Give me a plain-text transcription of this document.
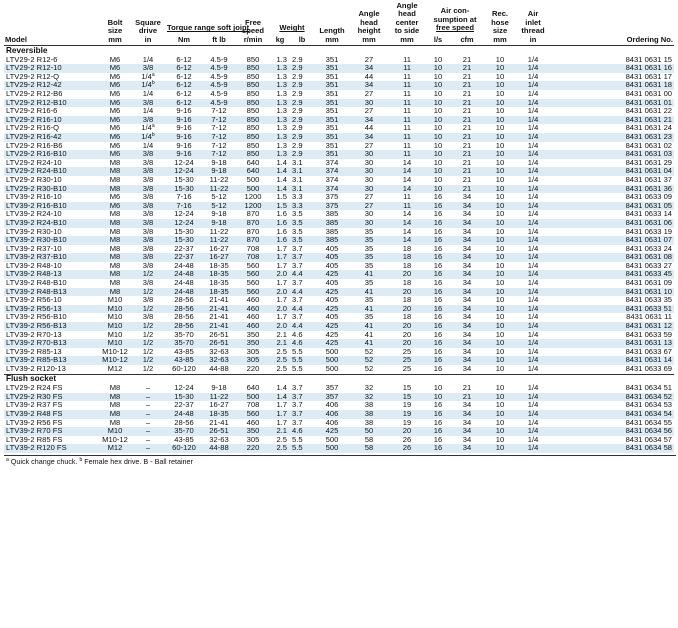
Model	Bolt
size
mm	Square
drive
in	Torque range soft joint		Free
speed
r/min	Weight		Length
mm	Angle
head
height
mm	Angle
head
center
to side
mm	Air con-
sumption at
free speed		Rec.
hose
size
mm	Air
inlet
thread
in	Ordering No.
			Nm	ft lb		kg	lb				l/s	cfm			
Reversible															
LTV29-2 R12-6	M6	1/4	6-12	4.5-9	850	1.3	2.9	351	27	11	10	21	10	1/4	8431 0631 15
LTV29-2 R12-10	M6	3/8	6-12	4.5-9	850	1.3	2.9	351	34	11	10	21	10	1/4	8431 0631 16
LTV29-2 R12-Q	M6	1/4$^a$	6-12	4.5-9	850	1.3	2.9	351	44	11	10	21	10	1/4	8431 0631 17
LTV29-2 R12-42	M6	1/4$^b$	6-12	4.5-9	850	1.3	2.9	351	34	11	10	21	10	1/4	8431 0631 18
LTV29-2 R12-B6	M6	1/4	6-12	4.5-9	850	1.3	2.9	351	27	11	10	21	10	1/4	8431 0631 00
LTV29-2 R12-B10	M6	3/8	6-12	4.5-9	850	1.3	2.9	351	30	11	10	21	10	1/4	8431 0631 01
LTV29-2 R16-6	M6	1/4	9-16	7-12	850	1.3	2.9	351	27	11	10	21	10	1/4	8431 0631 22
LTV29-2 R16-10	M6	3/8	9-16	7-12	850	1.3	2.9	351	34	11	10	21	10	1/4	8431 0631 21
LTV29-2 R16-Q	M6	1/4$^a$	9-16	7-12	850	1.3	2.9	351	44	11	10	21	10	1/4	8431 0631 24
LTV29-2 R16-42	M6	1/4$^b$	9-16	7-12	850	1.3	2.9	351	34	11	10	21	10	1/4	8431 0631 23
LTV29-2 R16-B6	M6	1/4	9-16	7-12	850	1.3	2.9	351	27	11	10	21	10	1/4	8431 0631 02
LTV29-2 R16-B10	M6	3/8	9-16	7-12	850	1.3	2.9	351	30	11	10	21	10	1/4	8431 0631 03
LTV29-2 R24-10	M8	3/8	12-24	9-18	640	1.4	3.1	374	30	14	10	21	10	1/4	8431 0631 29
LTV29-2 R24-B10	M8	3/8	12-24	9-18	640	1.4	3.1	374	30	14	10	21	10	1/4	8431 0631 04
LTV29-2 R30-10	M8	3/8	15-30	11-22	500	1.4	3.1	374	30	14	10	21	10	1/4	8431 0631 37
LTV29-2 R30-B10	M8	3/8	15-30	11-22	500	1.4	3.1	374	30	14	10	21	10	1/4	8431 0631 36
LTV39-2 R16-10	M6	3/8	7-16	5-12	1200	1.5	3.3	375	27	11	16	34	10	1/4	8431 0633 09
LTV39-2 R16-B10	M6	3/8	7-16	5-12	1200	1.5	3.3	375	27	11	16	34	10	1/4	8431 0631 05
LTV39-2 R24-10	M8	3/8	12-24	9-18	870	1.6	3.5	385	30	14	16	34	10	1/4	8431 0633 14
LTV39-2 R24-B10	M8	3/8	12-24	9-18	870	1.6	3.5	385	30	14	16	34	10	1/4	8431 0631 06
LTV39-2 R30-10	M8	3/8	15-30	11-22	870	1.6	3.5	385	35	14	16	34	10	1/4	8431 0633 19
LTV39-2 R30-B10	M8	3/8	15-30	11-22	870	1.6	3.5	385	35	14	16	34	10	1/4	8431 0631 07
LTV39-2 R37-10	M8	3/8	22-37	16-27	708	1.7	3.7	405	35	18	16	34	10	1/4	8431 0633 24
LTV39-2 R37-B10	M8	3/8	22-37	16-27	708	1.7	3.7	405	35	18	16	34	10	1/4	8431 0631 08
LTV39-2 R48-10	M8	3/8	24-48	18-35	560	1.7	3.7	405	35	18	16	34	10	1/4	8431 0633 27
LTV39-2 R48-13	M8	1/2	24-48	18-35	560	2.0	4.4	425	41	20	16	34	10	1/4	8431 0633 45
LTV39-2 R48-B10	M8	3/8	24-48	18-35	560	1.7	3.7	405	35	18	16	34	10	1/4	8431 0631 09
LTV39-2 R48-B13	M8	1/2	24-48	18-35	560	2.0	4.4	425	41	20	16	34	10	1/4	8431 0631 10
LTV39-2 R56-10	M10	3/8	28-56	21-41	460	1.7	3.7	405	35	18	16	34	10	1/4	8431 0633 35
LTV39-2 R56-13	M10	1/2	28-56	21-41	460	2.0	4.4	425	41	20	16	34	10	1/4	8431 0633 51
LTV39-2 R56-B10	M10	3/8	28-56	21-41	460	1.7	3.7	405	35	18	16	34	10	1/4	8431 0631 11
LTV39-2 R56-B13	M10	1/2	28-56	21-41	460	2.0	4.4	425	41	20	16	34	10	1/4	8431 0631 12
LTV39-2 R70-13	M10	1/2	35-70	26-51	350	2.1	4.6	425	41	20	16	34	10	1/4	8431 0633 59
LTV39-2 R70-B13	M10	1/2	35-70	26-51	350	2.1	4.6	425	41	20	16	34	10	1/4	8431 0631 13
LTV39-2 R85-13	M10-12	1/2	43-85	32-63	305	2.5	5.5	500	52	25	16	34	10	1/4	8431 0633 67
LTV39-2 R85-B13	M10-12	1/2	43-85	32-63	305	2.5	5.5	500	52	25	16	34	10	1/4	8431 0631 14
LTV39-2 R120-13	M12	1/2	60-120	44-88	220	2.5	5.5	500	52	25	16	34	10	1/4	8431 0633 69
Flush socket															
LTV29-2 R24 FS	M8	–	12-24	9-18	640	1.4	3.7	357	32	15	10	21	10	1/4	8431 0634 51
LTV29-2 R30 FS	M8	–	15-30	11-22	500	1.4	3.7	357	32	15	10	21	10	1/4	8431 0634 52
LTV39-2 R37 FS	M8	–	22-37	16-27	708	1.7	3.7	406	38	19	16	34	10	1/4	8431 0634 53
LTV39-2 R48 FS	M8	–	24-48	18-35	560	1.7	3.7	406	38	19	16	34	10	1/4	8431 0634 54
LTV39-2 R56 FS	M8	–	28-56	21-41	460	1.7	3.7	406	38	19	16	34	10	1/4	8431 0634 55
LTV39-2 R70 FS	M10	–	35-70	26-51	350	2.1	4.6	425	50	20	16	34	10	1/4	8431 0634 56
LTV39-2 R85 FS	M10-12	–	43-85	32-63	305	2.5	5.5	500	58	26	16	34	10	1/4	8431 0634 57
LTV39-2 R120 FS	M12	–	60-120	44-88	220	2.5	5.5	500	58	26	16	34	10	1/4	8431 0634 58
$^a$ Quick change chuck. $^b$ Female hex drive. B - Ball retainer
